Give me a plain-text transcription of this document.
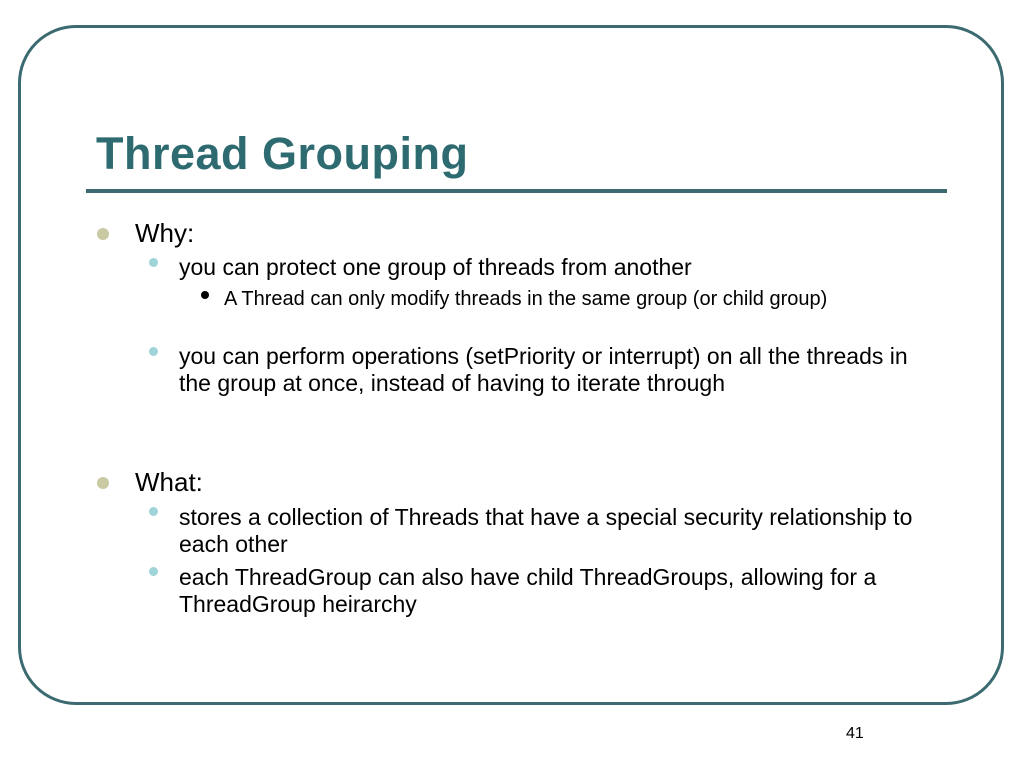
Thread Grouping
Why:
you can protect one group of threads from another
A Thread can only modify threads in the same group (or child group)
you can perform operations (setPriority or interrupt) on all the threads in the group at once, instead of having to iterate through
What:
stores a collection of Threads that have a special security relationship to each other
each ThreadGroup can also have child ThreadGroups, allowing for a ThreadGroup heirarchy
41
